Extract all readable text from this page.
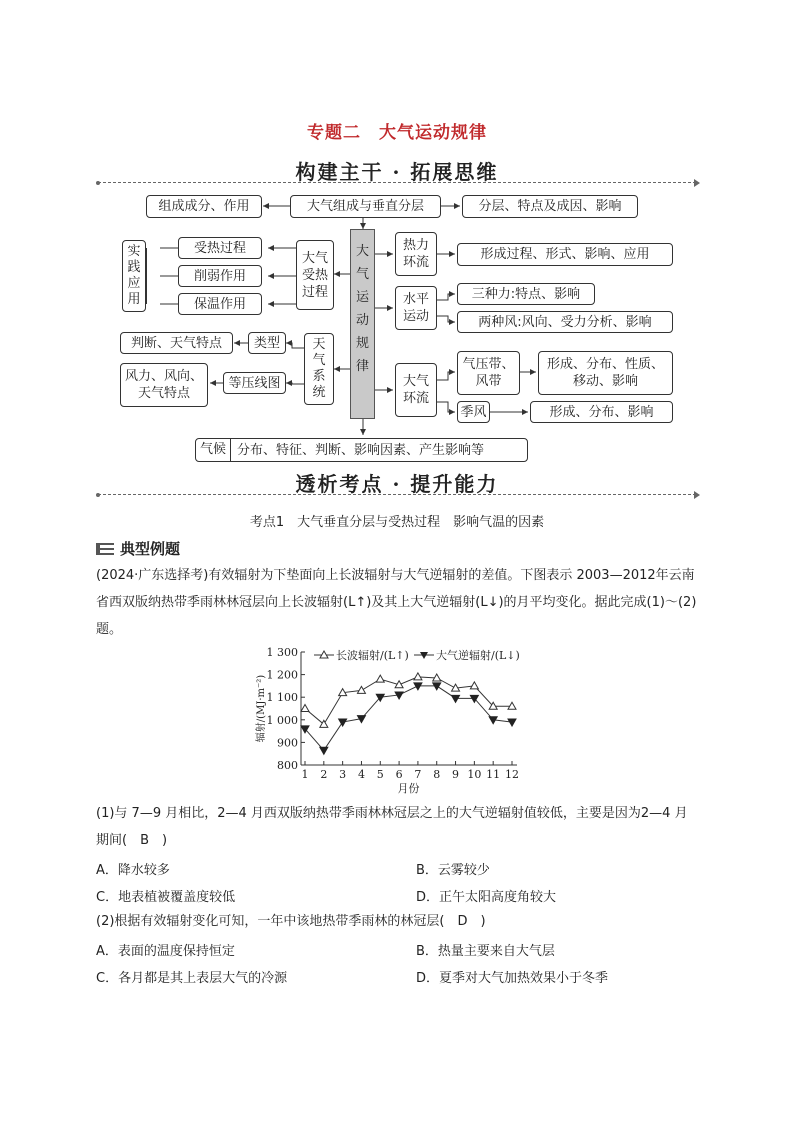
专题二　大气运动规律
构建主干 · 拓展思维
组成成分、作用	大气组成与垂直分层	分层、特点及成因、影响
实践应用
受热过程
削弱作用
保温作用
大气受热过程
大气运动规律
热力环流
形成过程、形式、影响、应用
水平运动
三种力:特点、影响
两种风:风向、受力分析、影响
判断、天气特点	类型	天气系统
风力、风向、天气特点
等压线图	大气环流
气压带、风带
形成、分布、性质、移动、影响
季风	形成、分布、影响
气候 分布、特征、判断、影响因素、产生影响等
透析考点 · 提升能力
考点1　大气垂直分层与受热过程　影响气温的因素
典型例题
(2024·广东选择考)有效辐射为下垫面向上长波辐射与大气逆辐射的差值。下图表示 2003—2012年云南省西双版纳热带季雨林林冠层向上长波辐射(L↑)及其上大气逆辐射(L↓)的月平均变化。据此完成(1)～(2)题。
800
900
1 000
1 100
1 200
1 300
1 2 3 4 5 6 7 8 9 10 11 12
月份
辐射/(MJ·m⁻²)
长波辐射/(L↑) 大气逆辐射/(L↓)
(1)与 7—9 月相比，2—4 月西双版纳热带季雨林林冠层之上的大气逆辐射值较低，主要是因为2—4 月期间(　B　)
A．降水较多	B．云雾较少
C．地表植被覆盖度较低	D．正午太阳高度角较大
(2)根据有效辐射变化可知，一年中该地热带季雨林的林冠层(　D　)
A．表面的温度保持恒定	B．热量主要来自大气层
C．各月都是其上表层大气的冷源	D．夏季对大气加热效果小于冬季
